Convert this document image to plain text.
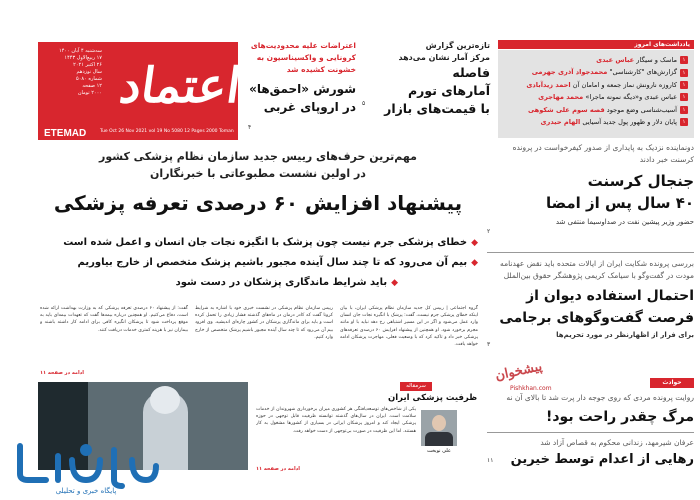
اعتماد
سه‌شنبه ۴ آبان ۱۴۰۰
۱۷ ربیع‌الاول ۱۴۴۳
۲۶ اکتبر ۲۰۲۱
سال نوزدهم
شماره ۵۰۸۰
۱۲ صفحه
۲۰۰۰ تومان
ETEMAD	Tue Oct 26 Nov 2021 vol 19 No 5080 12 Pages 2000 Toman
اعتراضات علیه محدودیت‌های کرونایی و واکسیناسیون به خشونت کشیده شد
شورش «احمق‌ها» در اروپای غربی
۴
تازه‌ترین گزارش
مرکز آمار نشان می‌دهد
فاصله
آمارهای تورم
با قیمت‌های بازار
۵
یادداشت‌های امروز
۱
ماسک و سیگار

عباس عبدی
۱
گزارش‌های "کارشناسی"

محمدجواد آذری جهرمی
۱
کاروزه نارونش نماز جمعه و امامان آن

احمد زیدآبادی
۱
عباس عبدی و«دیگه نمونه ماجرا»

محمد مهاجری
۱
آسیب‌شناسی وضع موجود

قصه سوم علی شکوهی
۱
پایان دلار و ظهور پول جدید آسیایی

الهام حیدری
دونماینده نزدیک به پایداری از صدور کیفرخواست در پرونده کرسنت خبر دادند
جنجال کرسنت
۴۰ سال پس از امضا
حضور وزیر پیشین نفت در صداوسیما منتفی شد
۲
بررسی پرونده شکایت ایران از ایالات متحده باید نقض عهدنامه مودت در گفت‌وگو با سیامک کریمی پژوهشگر حقوق بین‌الملل
احتمال استفاده دیوان از
فرصت گفت‌وگوهای برجامی
برای فرار از اظهارنظر در مورد تحریم‌ها
۳
پیشخوان
Pishkhan.com
حوادث
روایت پرونده مردی که روی جوجه دار پرت شد تا بالای آن نه
مرگ چقدر راحت بود!
عرفان شیرمهد، زندانی محکوم به قصاص آزاد شد
رهایی از اعدام توسط خیرین
۱۱
مهم‌ترین حرف‌های رییس جدید سازمان نظام پزشکی کشور
در اولین نشست مطبوعاتی با خبرنگاران
پیشنهاد افزایش ۶۰ درصدی تعرفه پزشکی
◆
خطای پزشکی جرم نیست چون پزشک با انگیزه نجات جان انسان و اعمل شده است
◆
بیم آن می‌رود که تا چند سال آینده مجبور باشیم پزشک متخصص از خارج بیاوریم
◆
باید شرایط ماندگاری پزشکان در دست شود
گروه اجتماعی | رییس کل جدید سازمان نظام پزشکی ایران، با بیان اینکه خطای پزشکی جرم نیست، گفت: پزشک با انگیزه نجات جان انسان وارد عمل می‌شود و اگر در این مسیر اشتباهی رخ دهد نباید با او مانند مجرم برخورد شود. او همچنین از پیشنهاد افزایش ۶۰ درصدی تعرفه‌های پزشکی خبر داد و تاکید کرد که با وضعیت فعلی، مهاجرت پزشکان ادامه خواهد یافت.
رییس سازمان نظام پزشکی در نشست خبری خود با اشاره به شرایط کرونا گفت که کادر درمان در ماه‌های گذشته فشار زیادی را تحمل کرده است و باید برای ماندگاری پزشکان در کشور چاره‌ای اندیشید. وی افزود بیم آن می‌رود که تا چند سال آینده مجبور باشیم پزشک متخصص از خارج وارد کنیم.
گفت: از پیشنهاد ۶۰ درصدی تعرفه پزشکی که به وزارت بهداشت ارائه شده است، دفاع می‌کنیم. او همچنین درباره بیمه‌ها گفت که تعهدات بیمه‌ای باید به موقع پرداخت شود تا پزشکان انگیزه کافی برای ادامه کار داشته باشند و بیماران نیز با هزینه کمتری خدمات دریافت کنند.
ادامه در صفحه ۱۱
سرمقاله
ظرفیت پزشکی ایران
علی نوبخت
یکی از شاخص‌های توسعه‌یافتگی هر کشوری میزان برخورداری شهروندان از خدمات سلامت است. ایران در سال‌های گذشته توانسته ظرفیت قابل توجهی در حوزه پزشکی ایجاد کند و امروز پزشکان ایرانی در بسیاری از کشورها مشغول به کار هستند. اما این ظرفیت در صورت بی‌توجهی از دست خواهد رفت.
ادامه در صفحه ۱۱
پایگاه خبری و تحلیلی
